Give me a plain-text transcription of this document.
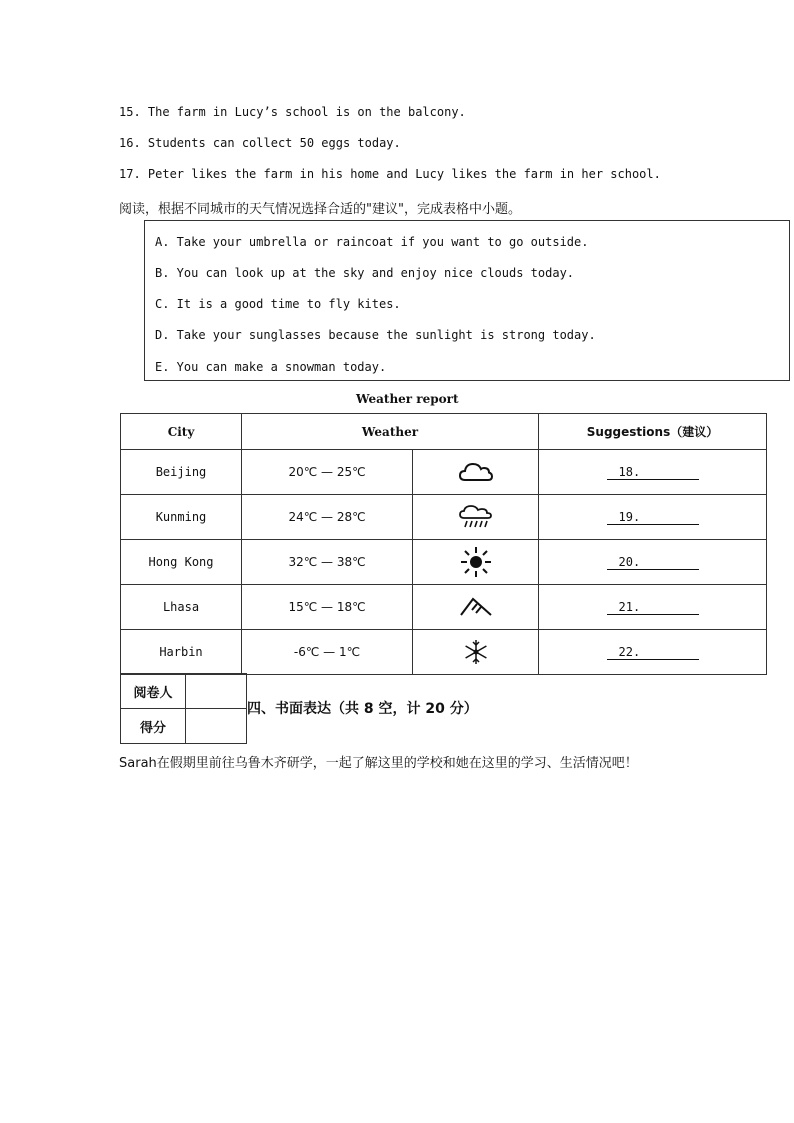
15. The farm in Lucy’s school is on the balcony.
16. Students can collect 50 eggs today.
17. Peter likes the farm in his home and Lucy likes the farm in her school.
阅读，根据不同城市的天气情况选择合适的"建议"，完成表格中小题。
A. Take your umbrella or raincoat if you want to go outside.
B. You can look up at the sky and enjoy nice clouds today.
C. It is a good time to fly kites.
D. Take your sunglasses because the sunlight is strong today.
E. You can make a snowman today.
Weather report
City	Weather		Suggestions（建议）
Beijing	20℃ — 25℃		18.
Kunming	24℃ — 28℃		19.
Hong Kong	32℃ — 38℃		20.
Lhasa	15℃ — 18℃		21.
Harbin	-6℃ — 1℃		22.
阅卷人	
得分	
四、书面表达（共 8 空，计 20 分）
Sarah在假期里前往乌鲁木齐研学，一起了解这里的学校和她在这里的学习、生活情况吧！
